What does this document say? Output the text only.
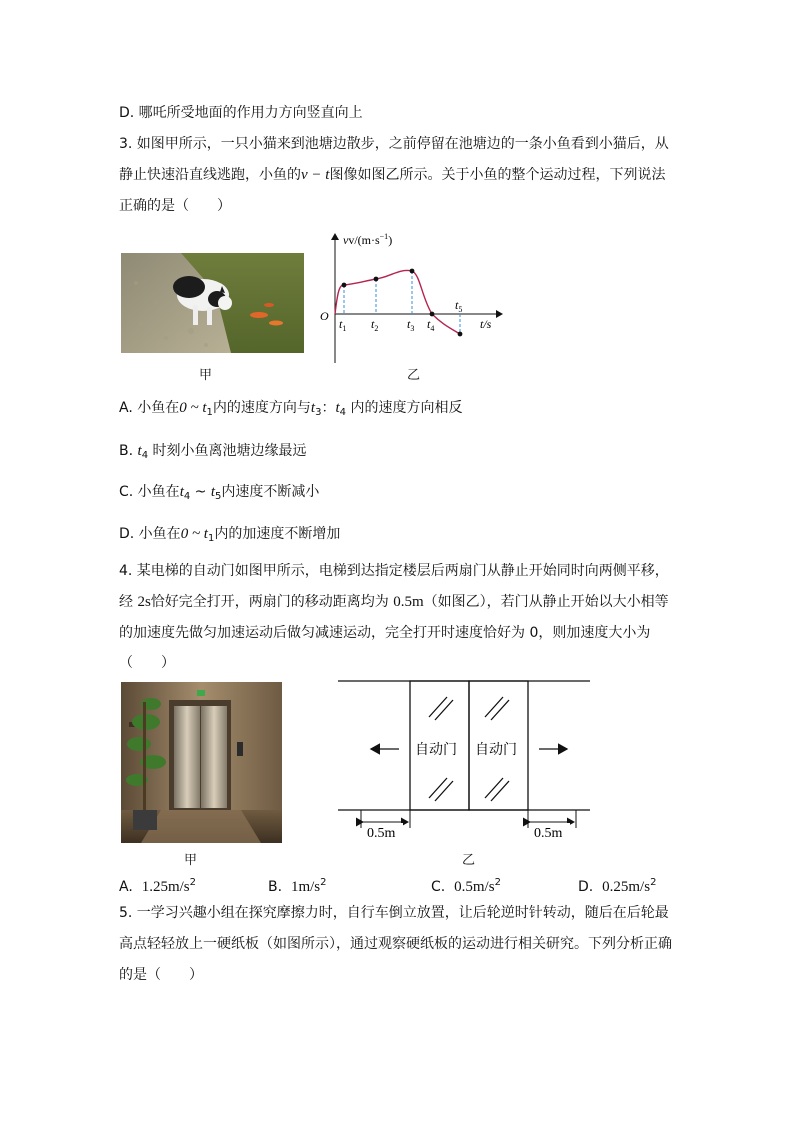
D. 哪吒所受地面的作用力方向竖直向上
3. 如图甲所示，一只小猫来到池塘边散步，之前停留在池塘边的一条小鱼看到小猫后，从
静止快速沿直线逃跑，小鱼的v − t图像如图乙所示。关于小鱼的整个运动过程，下列说法
正确的是（　　）
甲
$vv/(m\cdot s^{-1})$
O
t/s
$t_1$ $t_2$ $t_3$ $t_4$
$t_5$
乙
A. 小鱼在0 ~ $t_1$内的速度方向与$t_3$：$t_4$ 内的速度方向相反
B. $t_4$ 时刻小鱼离池塘边缘最远
C. 小鱼在$t_4$ ~ $t_5$内速度不断减小
D. 小鱼在0 ~ $t_1$内的加速度不断增加
4. 某电梯的自动门如图甲所示，电梯到达指定楼层后两扇门从静止开始同时向两侧平移，
经 2s恰好完全打开，两扇门的移动距离均为 0.5m（如图乙），若门从静止开始以大小相等
的加速度先做匀加速运动后做匀减速运动，完全打开时速度恰好为 0，则加速度大小为
（　　）
甲
自动门 自动门
0.5m	0.5m
乙
A. $1.25m/s^2$	B. $1m/s^2$	C. $0.5m/s^2$	D. $0.25m/s^2$
5. 一学习兴趣小组在探究摩擦力时，自行车倒立放置，让后轮逆时针转动，随后在后轮最
高点轻轻放上一硬纸板（如图所示），通过观察硬纸板的运动进行相关研究。下列分析正确
的是（　　）
